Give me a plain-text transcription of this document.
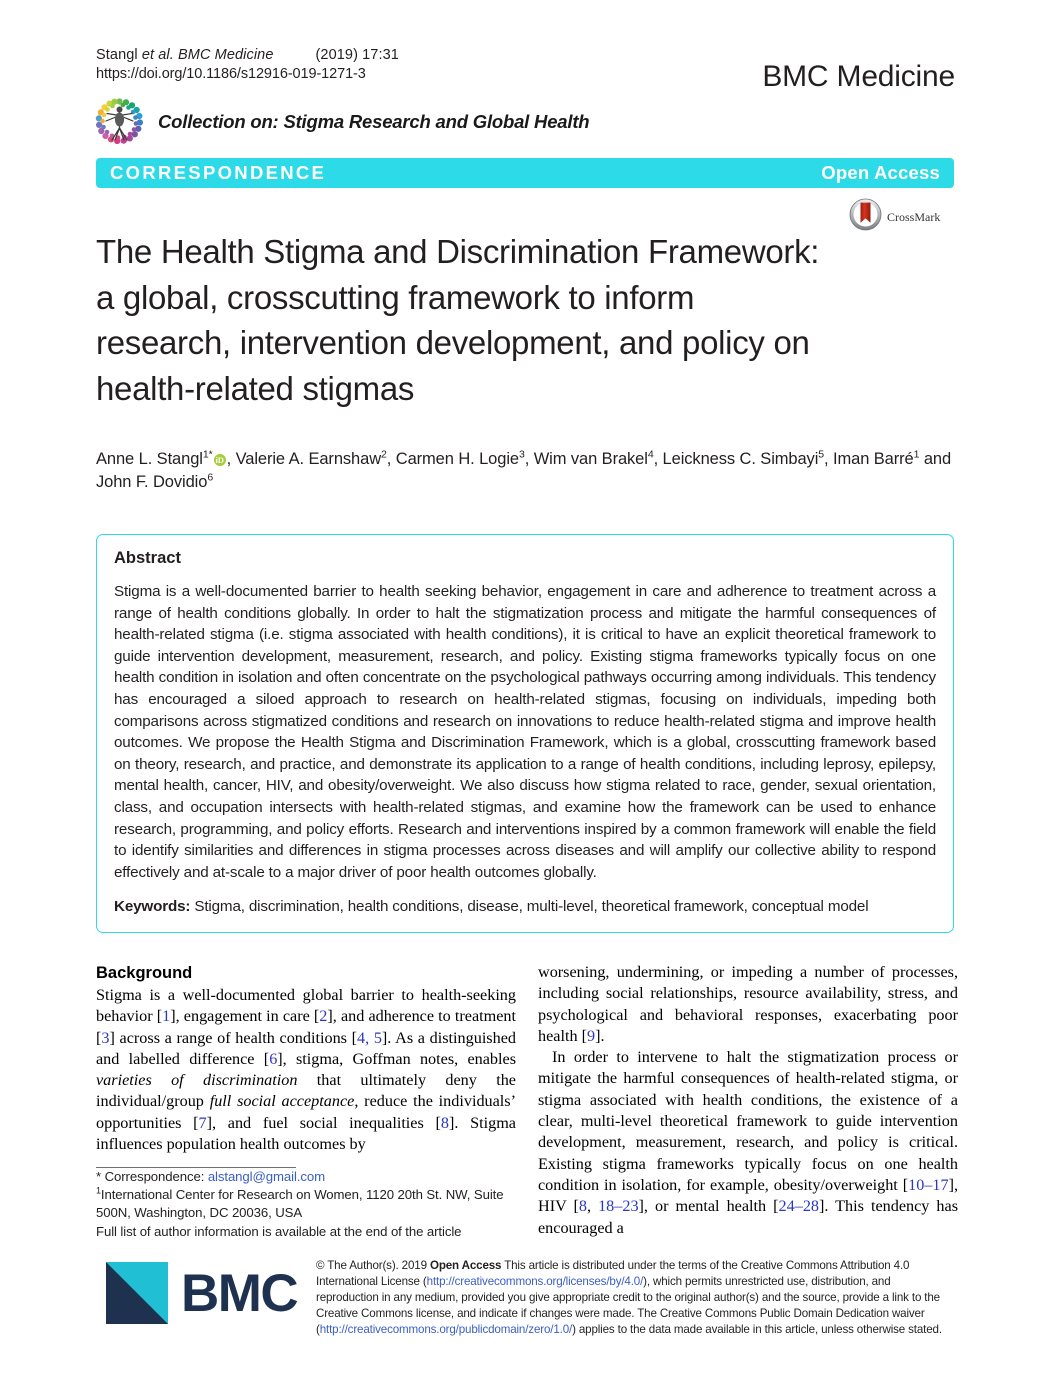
Stangl et al. BMC Medicine	(2019) 17:31
https://doi.org/10.1186/s12916-019-1271-3	BMC Medicine
Collection on: Stigma Research and Global Health
CORRESPONDENCE	Open Access
The Health Stigma and Discrimination Framework: a global, crosscutting framework to inform research, intervention development, and policy on health-related stigmas
CrossMark
Anne L. Stangl$^{1*}$ iD , Valerie A. Earnshaw$^2$, Carmen H. Logie$^3$, Wim van Brakel$^4$, Leickness C. Simbayi$^5$, Iman Barré$^1$ and John F. Dovidio$^6$
Abstract

Stigma is a well-documented barrier to health seeking behavior, engagement in care and adherence to treatment across a range of health conditions globally. In order to halt the stigmatization process and mitigate the harmful consequences of health-related stigma (i.e. stigma associated with health conditions), it is critical to have an explicit theoretical framework to guide intervention development, measurement, research, and policy. Existing stigma frameworks typically focus on one health condition in isolation and often concentrate on the psychological pathways occurring among individuals. This tendency has encouraged a siloed approach to research on health-related stigmas, focusing on individuals, impeding both comparisons across stigmatized conditions and research on innovations to reduce health-related stigma and improve health outcomes. We propose the Health Stigma and Discrimination Framework, which is a global, crosscutting framework based on theory, research, and practice, and demonstrate its application to a range of health conditions, including leprosy, epilepsy, mental health, cancer, HIV, and obesity/overweight. We also discuss how stigma related to race, gender, sexual orientation, class, and occupation intersects with health-related stigmas, and examine how the framework can be used to enhance research, programming, and policy efforts. Research and interventions inspired by a common framework will enable the field to identify similarities and differences in stigma processes across diseases and will amplify our collective ability to respond effectively and at-scale to a major driver of poor health outcomes globally.

Keywords: Stigma, discrimination, health conditions, disease, multi-level, theoretical framework, conceptual model

Background

Stigma is a well-documented global barrier to health-seeking behavior [1], engagement in care [2], and adherence to treatment [3] across a range of health conditions [4, 5]. As a distinguished and labelled difference [6], stigma, Goffman notes, enables varieties of discrimination that ultimately deny the individual/group full social acceptance, reduce the individuals’ opportunities [7], and fuel social inequalities [8]. Stigma influences population health outcomes by

worsening, undermining, or impeding a number of processes, including social relationships, resource availability, stress, and psychological and behavioral responses, exacerbating poor health [9].

In order to intervene to halt the stigmatization process or mitigate the harmful consequences of health-related stigma, or stigma associated with health conditions, the existence of a clear, multi-level theoretical framework to guide intervention development, measurement, research, and policy is critical. Existing stigma frameworks typically focus on one health condition in isolation, for example, obesity/overweight [10–17], HIV [8, 18–23], or mental health [24–28]. This tendency has encouraged a

* Correspondence: alstangl@gmail.com
$^1$International Center for Research on Women, 1120 20th St. NW, Suite 500N, Washington, DC 20036, USA
Full list of author information is available at the end of the article
BMC © The Author(s). 2019 Open Access This article is distributed under the terms of the Creative Commons Attribution 4.0 International License (http://creativecommons.org/licenses/by/4.0/), which permits unrestricted use, distribution, and reproduction in any medium, provided you give appropriate credit to the original author(s) and the source, provide a link to the Creative Commons license, and indicate if changes were made. The Creative Commons Public Domain Dedication waiver (http://creativecommons.org/publicdomain/zero/1.0/) applies to the data made available in this article, unless otherwise stated.
